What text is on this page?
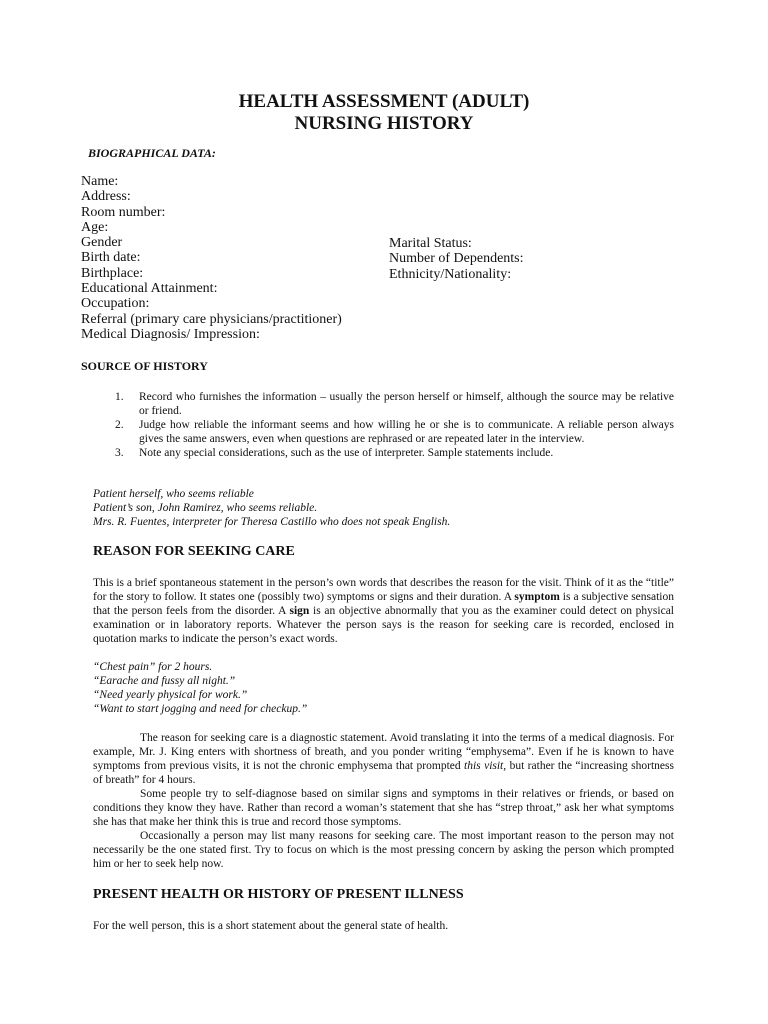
HEALTH ASSESSMENT (ADULT)
NURSING HISTORY
BIOGRAPHICAL DATA:
Name:
Address:
Room number:
Age:
Gender
Birth date:
Birthplace:
Educational Attainment:
Occupation:
Referral (primary care physicians/practitioner)
Medical Diagnosis/ Impression:
Marital Status:
Number of Dependents:
Ethnicity/Nationality:
SOURCE OF HISTORY
1. Record who furnishes the information – usually the person herself or himself, although the source may be relative or friend.
2. Judge how reliable the informant seems and how willing he or she is to communicate. A reliable person always gives the same answers, even when questions are rephrased or are repeated later in the interview.
3. Note any special considerations, such as the use of interpreter. Sample statements include.
Patient herself, who seems reliable
Patient’s son, John Ramirez, who seems reliable.
Mrs. R. Fuentes, interpreter for Theresa Castillo who does not speak English.
REASON FOR SEEKING CARE
This is a brief spontaneous statement in the person’s own words that describes the reason for the visit. Think of it as the “title” for the story to follow. It states one (possibly two) symptoms or signs and their duration. A symptom is a subjective sensation that the person feels from the disorder. A sign is an objective abnormally that you as the examiner could detect on physical examination or in laboratory reports. Whatever the person says is the reason for seeking care is recorded, enclosed in quotation marks to indicate the person’s exact words.
“Chest pain” for 2 hours.
“Earache and fussy all night.”
“Need yearly physical for work.”
“Want to start jogging and need for checkup.”
The reason for seeking care is a diagnostic statement. Avoid translating it into the terms of a medical diagnosis. For example, Mr. J. King enters with shortness of breath, and you ponder writing “emphysema”. Even if he is known to have symptoms from previous visits, it is not the chronic emphysema that prompted this visit, but rather the “increasing shortness of breath” for 4 hours.
Some people try to self-diagnose based on similar signs and symptoms in their relatives or friends, or based on conditions they know they have. Rather than record a woman’s statement that she has “strep throat,” ask her what symptoms she has that make her think this is true and record those symptoms.
Occasionally a person may list many reasons for seeking care. The most important reason to the person may not necessarily be the one stated first. Try to focus on which is the most pressing concern by asking the person which prompted him or her to seek help now.
PRESENT HEALTH OR HISTORY OF PRESENT ILLNESS
For the well person, this is a short statement about the general state of health.
